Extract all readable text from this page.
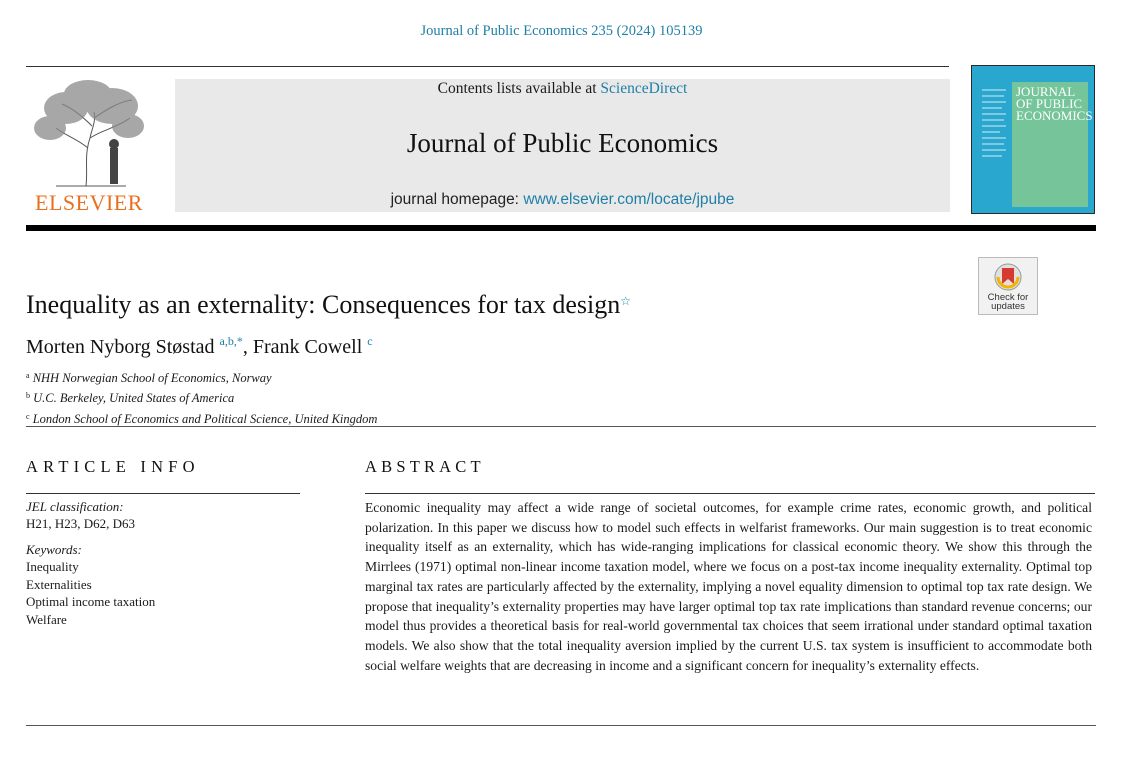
Journal of Public Economics 235 (2024) 105139
ELSEVIER
Contents lists available at ScienceDirect
Journal of Public Economics
journal homepage: www.elsevier.com/locate/jpube
JOURNAL OF PUBLIC ECONOMICS
Check for updates
Inequality as an externality: Consequences for tax design☆
Morten Nyborg Støstad $^{a,b,*}$, Frank Cowell $^c$
$^a$ NHH Norwegian School of Economics, Norway
$^b$ U.C. Berkeley, United States of America
$^c$ London School of Economics and Political Science, United Kingdom
ARTICLE INFO	ABSTRACT
JEL classification:
H21, H23, D62, D63
Keywords:
Inequality
Externalities
Optimal income taxation
Welfare

Economic inequality may affect a wide range of societal outcomes, for example crime rates, economic growth, and political polarization. In this paper we discuss how to model such effects in welfarist frameworks. Our main suggestion is to treat economic inequality itself as an externality, which has wide-ranging implications for classical economic theory. We show this through the Mirrlees (1971) optimal non-linear income taxation model, where we focus on a post-tax income inequality externality. Optimal top marginal tax rates are particularly affected by the externality, implying a novel equality dimension to optimal top tax rate design. We propose that inequality’s externality properties may have larger optimal top tax rate implications than standard revenue concerns; our model thus provides a theoretical basis for real-world governmental tax choices that seem irrational under standard optimal taxation models. We also show that the total inequality aversion implied by the current U.S. tax system is insufficient to accommodate both social welfare weights that are decreasing in income and a significant concern for inequality’s externality effects.
